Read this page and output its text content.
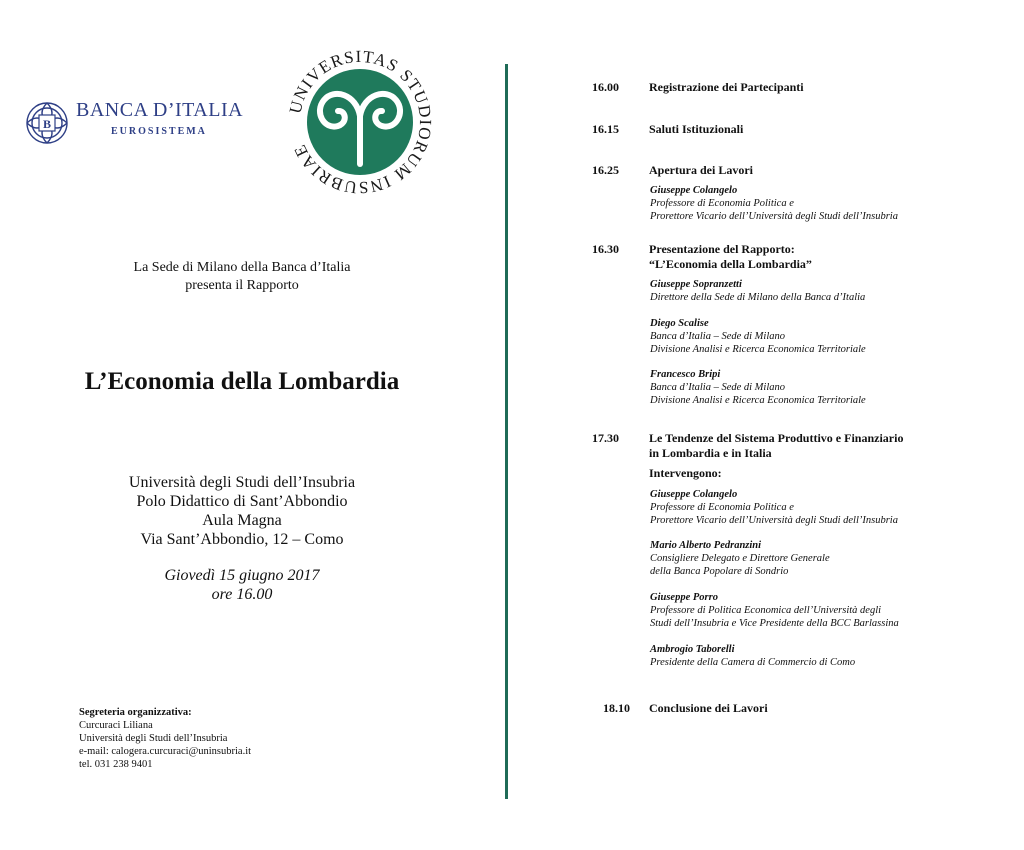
B
BANCA D’ITALIA
EUROSISTEMA
UNIVERSITAS STUDIORUM INSUBRIAE
La Sede di Milano della Banca d’Italia
presenta il Rapporto
L’Economia della Lombardia
Università degli Studi dell’Insubria
Polo Didattico di Sant’Abbondio
Aula Magna
Via Sant’Abbondio, 12 – Como
Giovedì 15 giugno 2017
ore 16.00
Segreteria organizzativa:
Curcuraci Liliana
Università degli Studi dell’Insubria
e-mail: calogera.curcuraci@uninsubria.it
tel. 031 238 9401
16.00	Registrazione dei Partecipanti
16.15	Saluti Istituzionali
16.25	Apertura dei Lavori
Giuseppe Colangelo
Professore di Economia Politica e
Prorettore Vicario dell’Università degli Studi dell’Insubria
16.30	Presentazione del Rapporto:
“L’Economia della Lombardia”
Giuseppe Sopranzetti
Direttore della Sede di Milano della Banca d’Italia
Diego Scalise
Banca d’Italia – Sede di Milano
Divisione Analisi e Ricerca Economica Territoriale
Francesco Bripi
Banca d’Italia – Sede di Milano
Divisione Analisi e Ricerca Economica Territoriale
17.30	Le Tendenze del Sistema Produttivo e Finanziario
in Lombardia e in Italia
Intervengono:
Giuseppe Colangelo
Professore di Economia Politica e
Prorettore Vicario dell’Università degli Studi dell’Insubria
Mario Alberto Pedranzini
Consigliere Delegato e Direttore Generale
della Banca Popolare di Sondrio
Giuseppe Porro
Professore di Politica Economica dell’Università degli
Studi dell’Insubria e Vice Presidente della BCC Barlassina
Ambrogio Taborelli
Presidente della Camera di Commercio di Como
18.10 Conclusione dei Lavori
